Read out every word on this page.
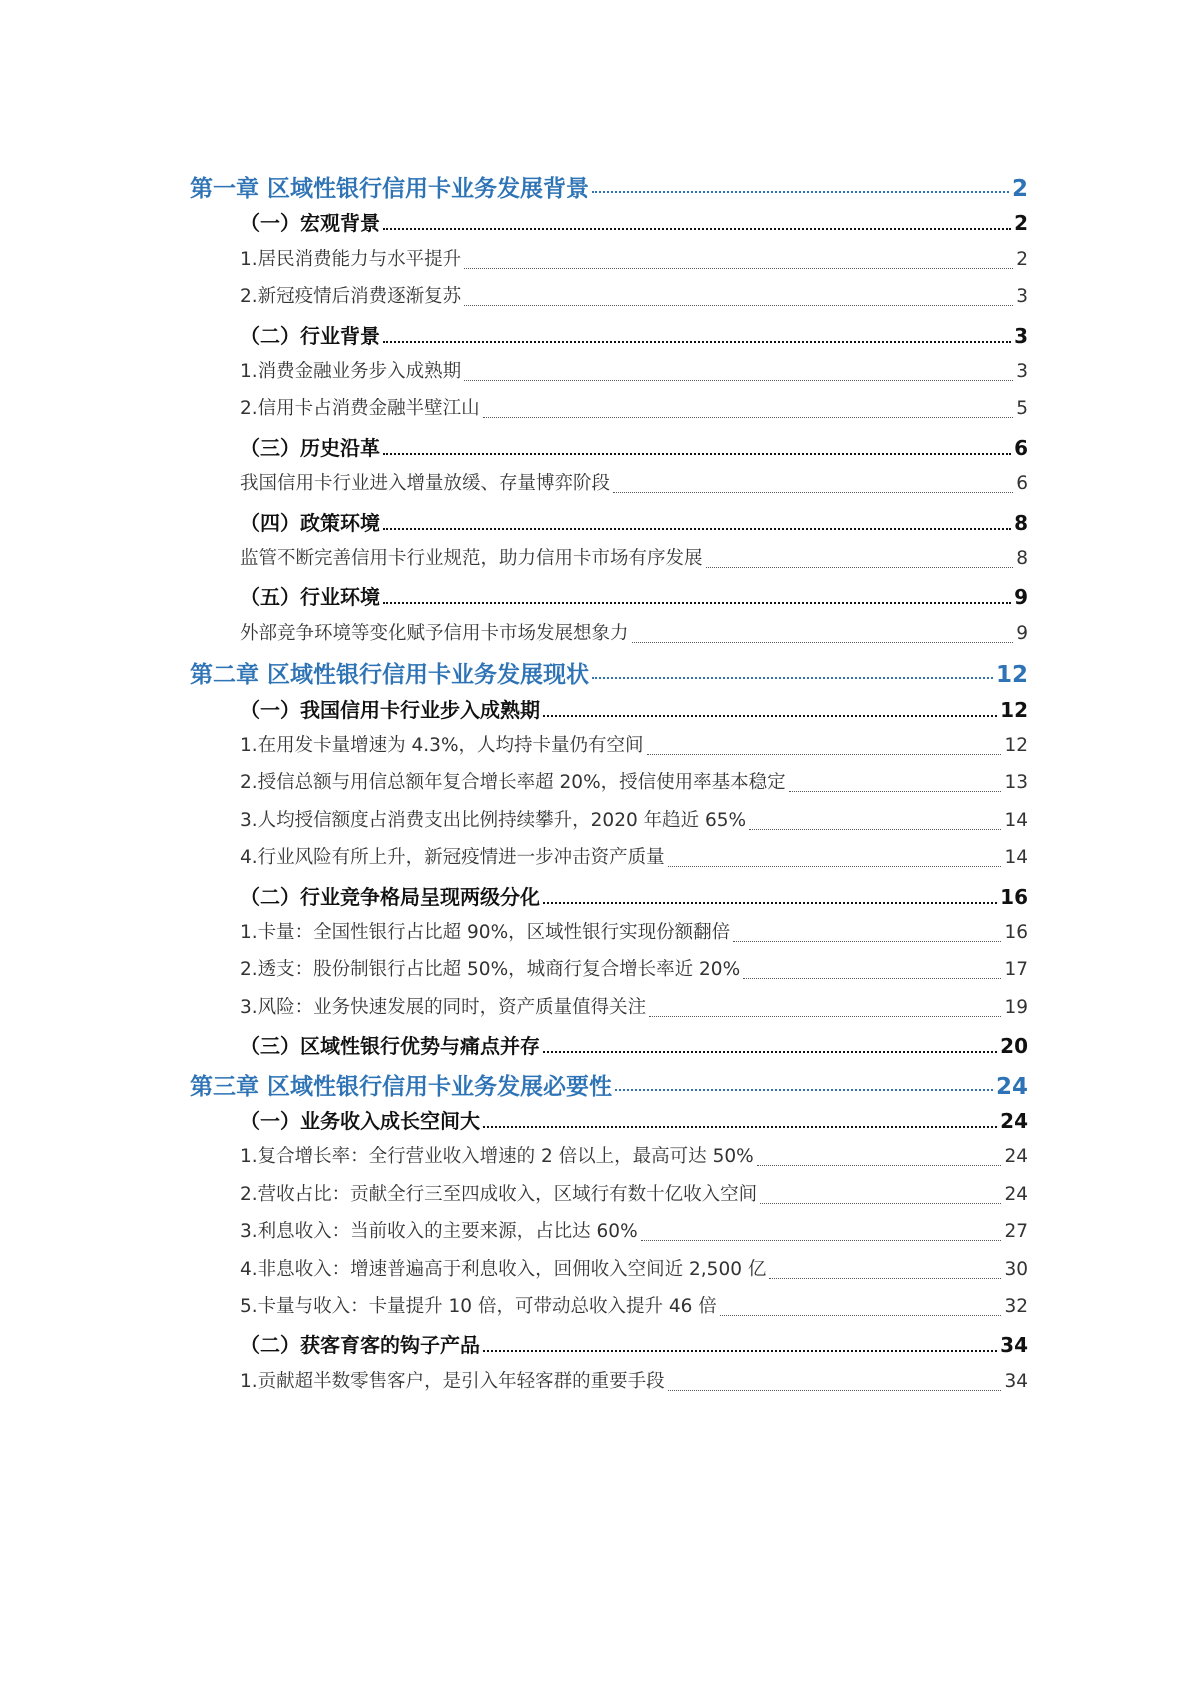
第一章 区域性银行信用卡业务发展背景	2
（一）宏观背景	2
1.居民消费能力与水平提升	2
2.新冠疫情后消费逐渐复苏	3
（二）行业背景	3
1.消费金融业务步入成熟期	3
2.信用卡占消费金融半壁江山	5
（三）历史沿革	6
我国信用卡行业进入增量放缓、存量博弈阶段	6
（四）政策环境	8
监管不断完善信用卡行业规范，助力信用卡市场有序发展	8
（五）行业环境	9
外部竞争环境等变化赋予信用卡市场发展想象力	9
第二章 区域性银行信用卡业务发展现状	12
（一）我国信用卡行业步入成熟期	12
1.在用发卡量增速为 4.3%，人均持卡量仍有空间	12
2.授信总额与用信总额年复合增长率超 20%，授信使用率基本稳定	13
3.人均授信额度占消费支出比例持续攀升，2020 年趋近 65%	14
4.行业风险有所上升，新冠疫情进一步冲击资产质量	14
（二）行业竞争格局呈现两级分化	16
1.卡量：全国性银行占比超 90%，区域性银行实现份额翻倍	16
2.透支：股份制银行占比超 50%，城商行复合增长率近 20%	17
3.风险：业务快速发展的同时，资产质量值得关注	19
（三）区域性银行优势与痛点并存	20
第三章 区域性银行信用卡业务发展必要性	24
（一）业务收入成长空间大	24
1.复合增长率：全行营业收入增速的 2 倍以上，最高可达 50%	24
2.营收占比：贡献全行三至四成收入，区域行有数十亿收入空间	24
3.利息收入：当前收入的主要来源，占比达 60%	27
4.非息收入：增速普遍高于利息收入，回佣收入空间近 2,500 亿	30
5.卡量与收入：卡量提升 10 倍，可带动总收入提升 46 倍	32
（二）获客育客的钩子产品	34
1.贡献超半数零售客户，是引入年轻客群的重要手段	34
